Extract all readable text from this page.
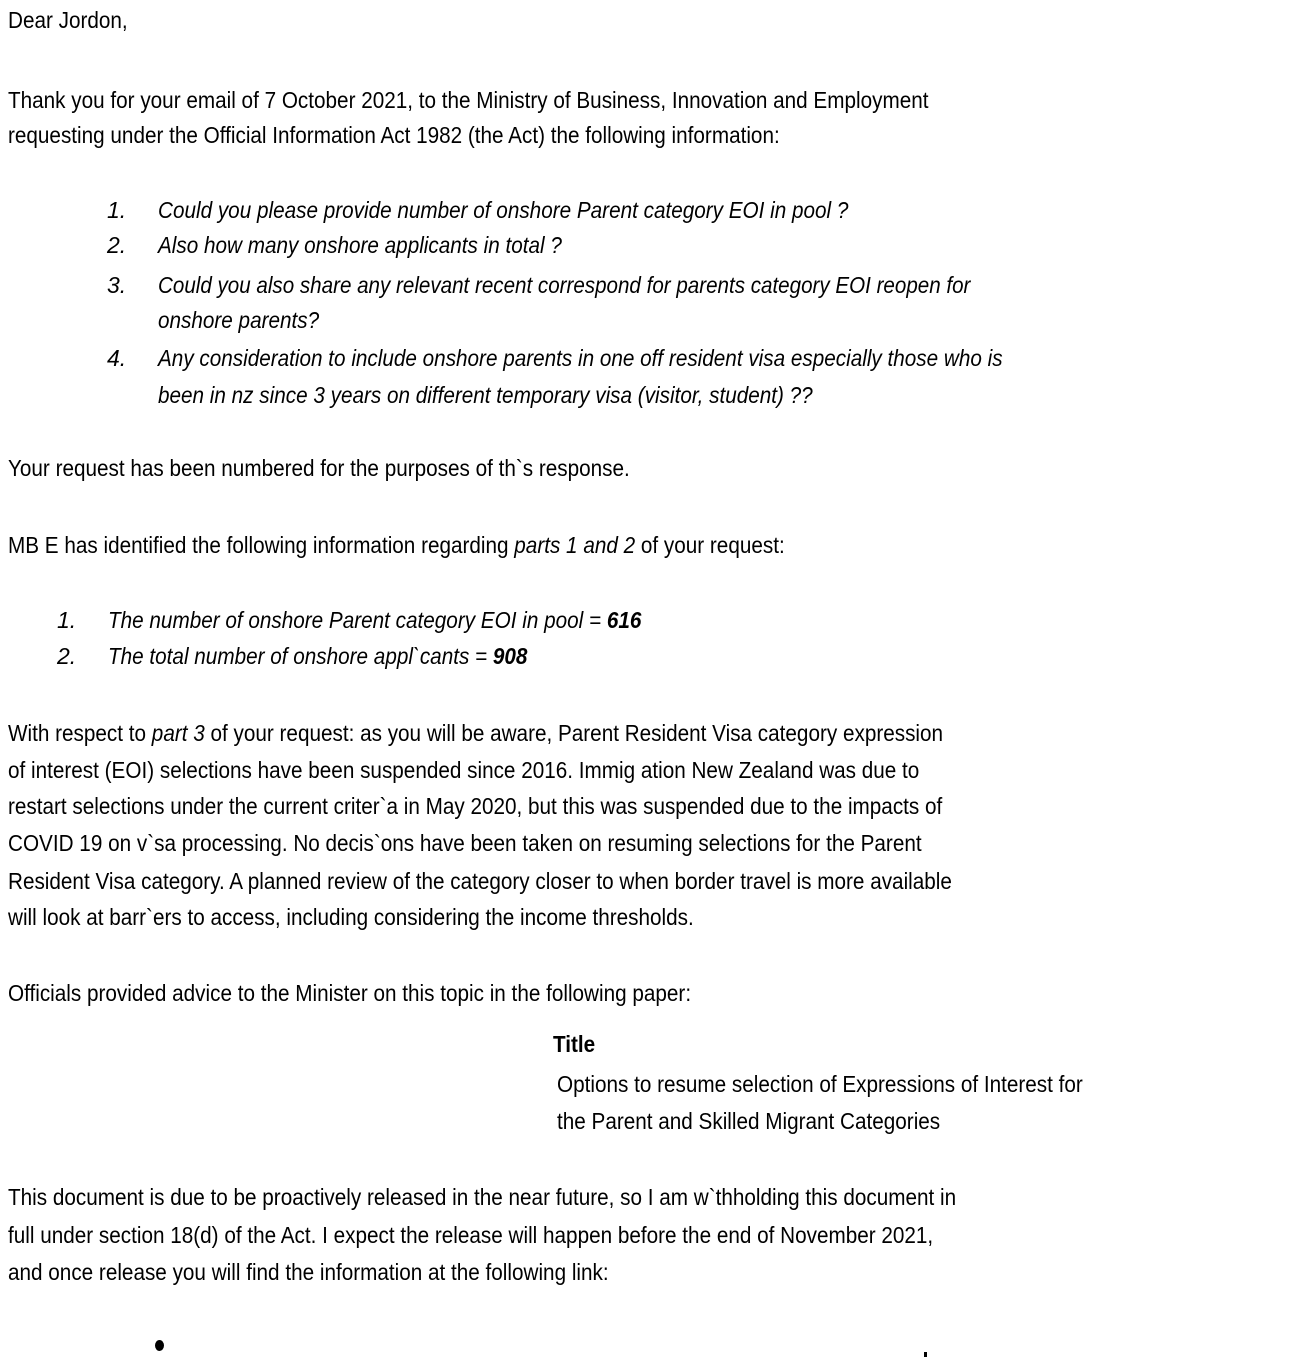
Dear Jordon,
Thank you for your email of 7 October 2021, to the Ministry of Business, Innovation and Employment
requesting under the Official Information Act 1982 (the Act) the following information:
1. Could you please provide number of onshore Parent category EOI in pool ?
2. Also how many onshore applicants in total ?
3. Could you also share any relevant recent correspond for parents category EOI reopen for
onshore parents?
4. Any consideration to include onshore parents in one off resident visa especially those who is
been in nz since 3 years on different temporary visa (visitor, student) ??
Your request has been numbered for the purposes of th`s response.
MB E has identified the following information regarding parts 1 and 2 of your request:
1. The number of onshore Parent category EOI in pool = 616
2. The total number of onshore appl`cants = 908
With respect to part 3 of your request: as you will be aware, Parent Resident Visa category expression
of interest (EOI) selections have been suspended since 2016. Immig ation New Zealand was due to
restart selections under the current criter`a in May 2020, but this was suspended due to the impacts of
COVID 19 on v`sa processing. No decis`ons have been taken on resuming selections for the Parent
Resident Visa category. A planned review of the category closer to when border travel is more available
will look at barr`ers to access, including considering the income thresholds.
Officials provided advice to the Minister on this topic in the following paper:
Title
Options to resume selection of Expressions of Interest for
the Parent and Skilled Migrant Categories
This document is due to be proactively released in the near future, so I am w`thholding this document in
full under section 18(d) of the Act. I expect the release will happen before the end of November 2021,
and once release you will find the information at the following link:
